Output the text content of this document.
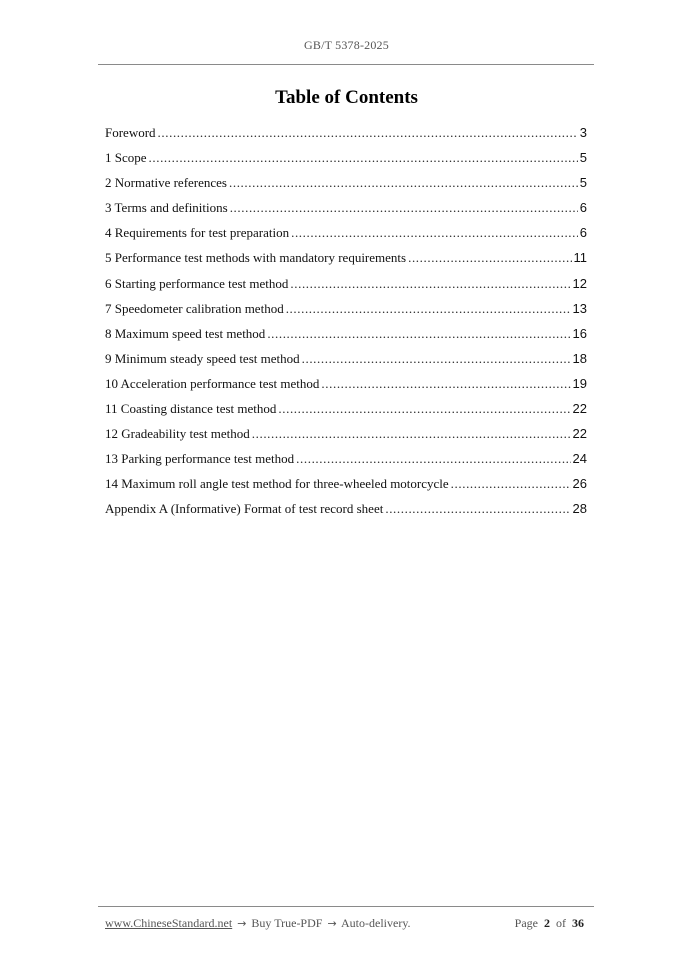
GB/T 5378-2025
Table of Contents
Foreword .....	3
1 Scope .....	5
2 Normative references .....	5
3 Terms and definitions .....	6
4 Requirements for test preparation .....	6
5 Performance test methods with mandatory requirements .....	11
6 Starting performance test method .....	12
7 Speedometer calibration method .....	13
8 Maximum speed test method .....	16
9 Minimum steady speed test method .....	18
10 Acceleration performance test method .....	19
11 Coasting distance test method .....	22
12 Gradeability test method .....	22
13 Parking performance test method .....	24
14 Maximum roll angle test method for three-wheeled motorcycle .....	26
Appendix A (Informative) Format of test record sheet .....	28
www.ChineseStandard.net → Buy True-PDF → Auto-delivery.	Page 2 of 36
